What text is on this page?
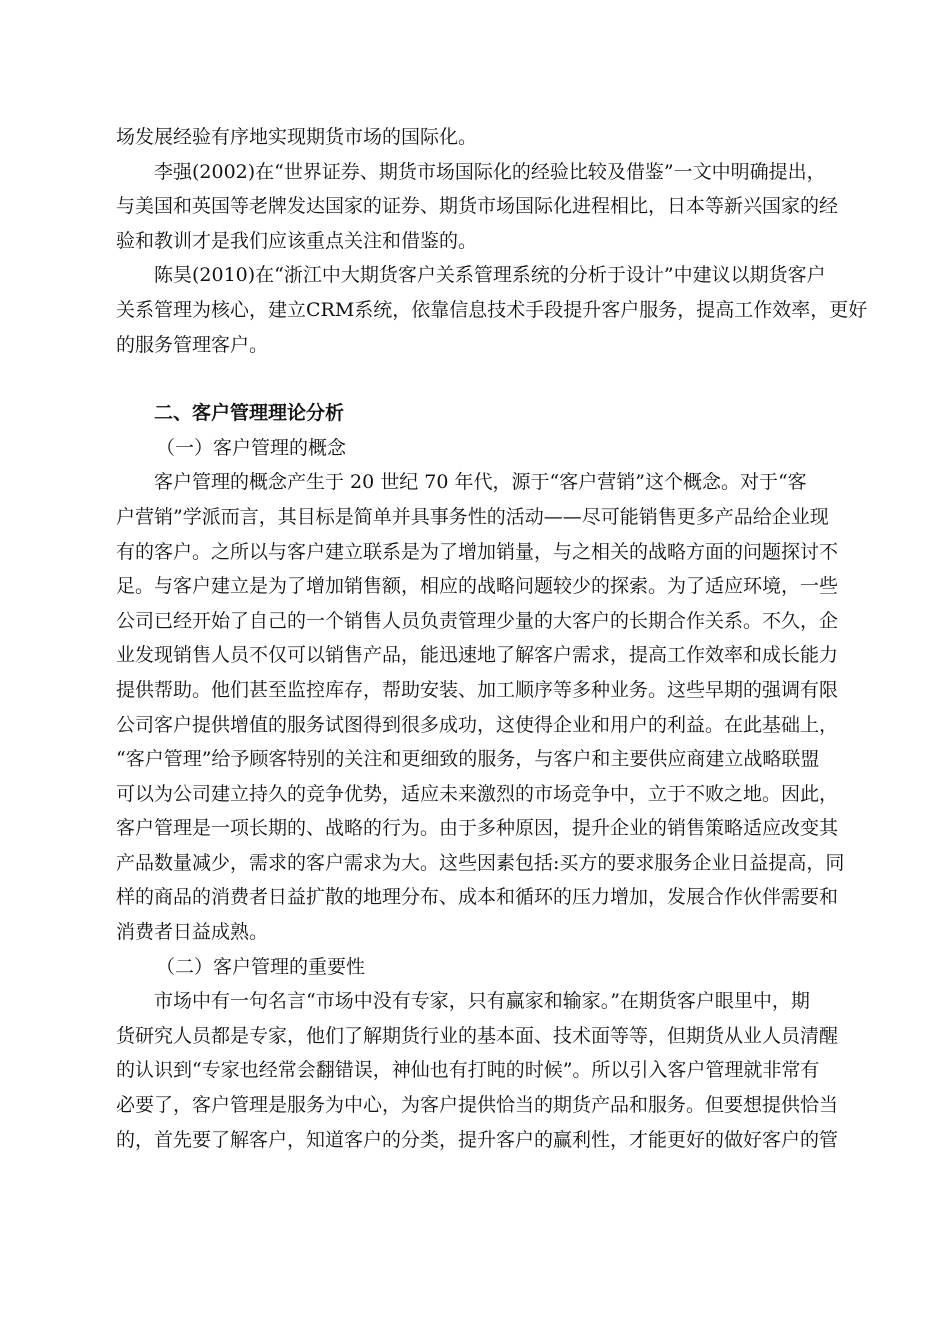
场发展经验有序地实现期货市场的国际化。
李强(2002)在“世界证券、期货市场国际化的经验比较及借鉴”一文中明确提出，
与美国和英国等老牌发达国家的证券、期货市场国际化进程相比，日本等新兴国家的经
验和教训才是我们应该重点关注和借鉴的。
陈昊(2010)在“浙江中大期货客户关系管理系统的分析于设计”中建议以期货客户
关系管理为核心，建立CRM系统，依靠信息技术手段提升客户服务，提高工作效率，更好
的服务管理客户。
二、客户管理理论分析
（一）客户管理的概念
客户管理的概念产生于 20 世纪 70 年代，源于“客户营销”这个概念。对于“客
户营销”学派而言，其目标是简单并具事务性的活动——尽可能销售更多产品给企业现
有的客户。之所以与客户建立联系是为了增加销量，与之相关的战略方面的问题探讨不
足。与客户建立是为了增加销售额，相应的战略问题较少的探索。为了适应环境，一些
公司已经开始了自己的一个销售人员负责管理少量的大客户的长期合作关系。不久，企
业发现销售人员不仅可以销售产品，能迅速地了解客户需求，提高工作效率和成长能力
提供帮助。他们甚至监控库存，帮助安装、加工顺序等多种业务。这些早期的强调有限
公司客户提供增值的服务试图得到很多成功，这使得企业和用户的利益。在此基础上，
“客户管理”给予顾客特别的关注和更细致的服务，与客户和主要供应商建立战略联盟
可以为公司建立持久的竞争优势，适应未来激烈的市场竞争中，立于不败之地。因此，
客户管理是一项长期的、战略的行为。由于多种原因，提升企业的销售策略适应改变其
产品数量减少，需求的客户需求为大。这些因素包括:买方的要求服务企业日益提高，同
样的商品的消费者日益扩散的地理分布、成本和循环的压力增加，发展合作伙伴需要和
消费者日益成熟。
（二）客户管理的重要性
市场中有一句名言“市场中没有专家，只有赢家和输家。”在期货客户眼里中，期
货研究人员都是专家，他们了解期货行业的基本面、技术面等等，但期货从业人员清醒
的认识到“专家也经常会翻错误，神仙也有打盹的时候”。所以引入客户管理就非常有
必要了，客户管理是服务为中心，为客户提供恰当的期货产品和服务。但要想提供恰当
的，首先要了解客户，知道客户的分类，提升客户的赢利性，才能更好的做好客户的管
